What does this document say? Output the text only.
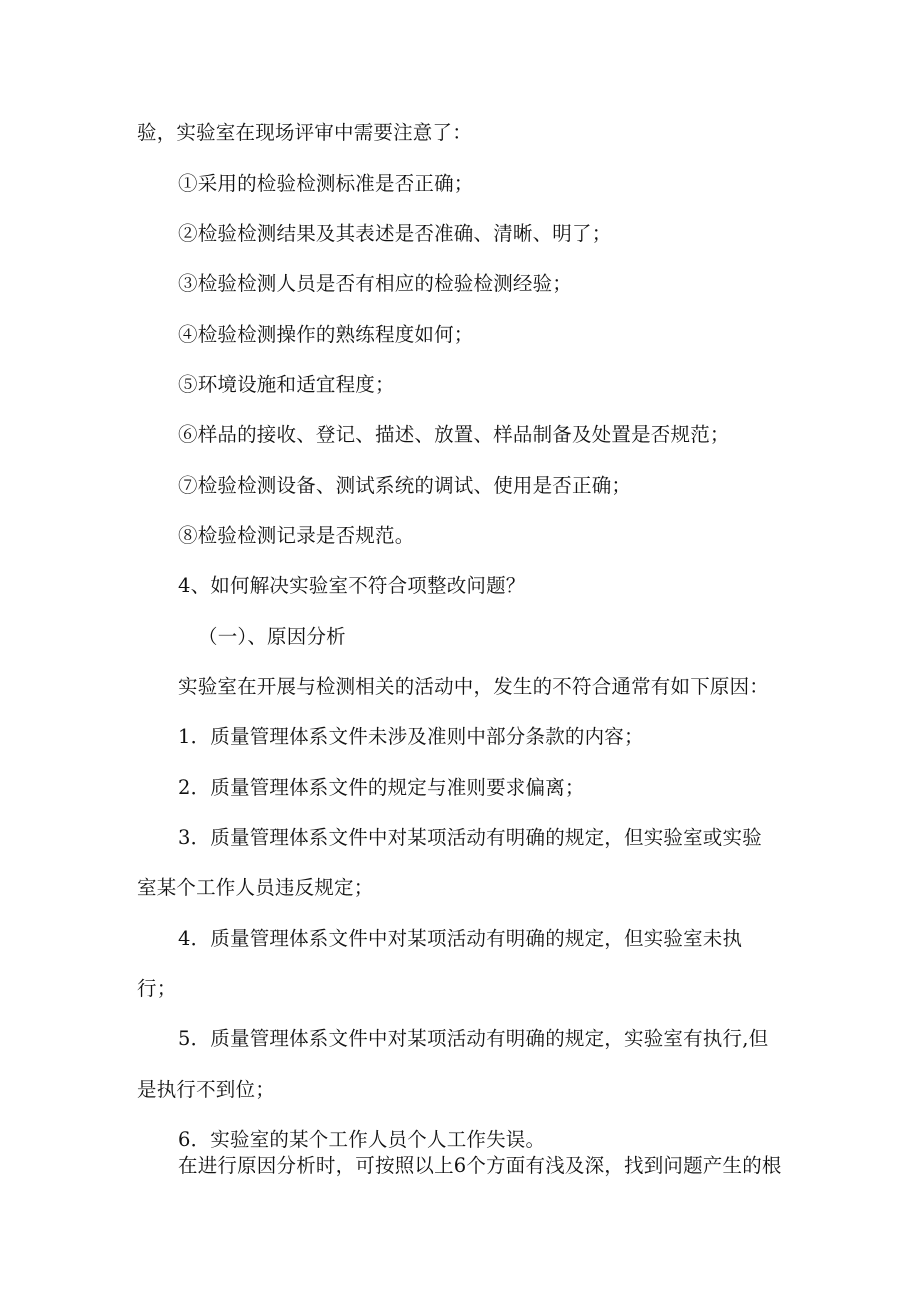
验，实验室在现场评审中需要注意了：

①采用的检验检测标准是否正确；

②检验检测结果及其表述是否准确、清晰、明了；

③检验检测人员是否有相应的检验检测经验；

④检验检测操作的熟练程度如何；

⑤环境设施和适宜程度；

⑥样品的接收、登记、描述、放置、样品制备及处置是否规范；

⑦检验检测设备、测试系统的调试、使用是否正确；

⑧检验检测记录是否规范。

4、如何解决实验室不符合项整改问题？

（一）、原因分析

实验室在开展与检测相关的活动中，发生的不符合通常有如下原因：

1．质量管理体系文件未涉及准则中部分条款的内容；

2．质量管理体系文件的规定与准则要求偏离；

3．质量管理体系文件中对某项活动有明确的规定，但实验室或实验

室某个工作人员违反规定；

4．质量管理体系文件中对某项活动有明确的规定，但实验室未执

行；

5．质量管理体系文件中对某项活动有明确的规定，实验室有执行,但

是执行不到位；

6．实验室的某个工作人员个人工作失误。

在进行原因分析时，可按照以上6个方面有浅及深，找到问题产生的根
